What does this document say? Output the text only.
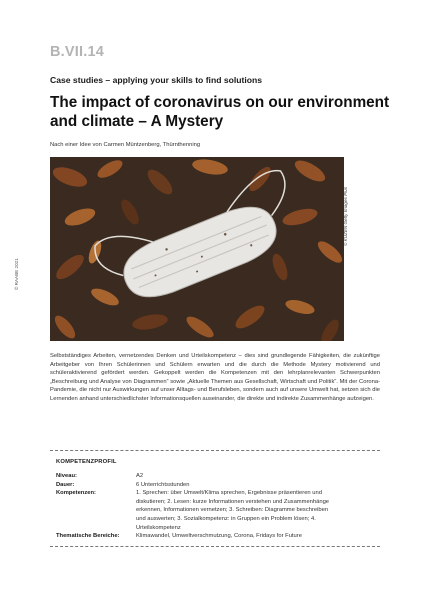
B.VII.14
Case studies – applying your skills to find solutions
The impact of coronavirus on our environment and climate – A Mystery
Nach einer Idee von Carmen Müntzenberg, Thürnthenning
© KUZEN Getty Images Plus
© RAABE 2021
Selbstständiges Arbeiten, vernetzendes Denken und Urteilskompetenz – dies sind grundlegende Fähigkeiten, die zukünftige Arbeitgeber von Ihren Schülerinnen und Schülern erwarten und die durch die Methode Mystery motivierend und schüleraktivierend gefördert werden. Gekoppelt werden die Kompetenzen mit den lehrplanrelevanten Schwerpunkten „Beschreibung und Analyse von Diagrammen“ sowie „Aktuelle Themen aus Gesellschaft, Wirtschaft und Politik“. Mit der Corona-Pandemie, die nicht nur Auswirkungen auf unser Alltags- und Berufsleben, sondern auch auf unsere Umwelt hat, setzen sich die Lernenden anhand unterschiedlichster Informationsquellen auseinander, die direkte und indirekte Zusammenhänge aufzeigen.
KOMPETENZPROFIL
Niveau:	A2
Dauer:	6 Unterrichtsstunden
Kompetenzen:	1. Sprechen: über Umwelt/Klima sprechen, Ergebnisse präsentieren und diskutieren; 2. Lesen: kurze Informationen verstehen und Zusammenhänge erkennen, Informationen vernetzen; 3. Schreiben: Diagramme beschreiben und auswerten; 3. Sozialkompetenz: in Gruppen ein Problem lösen; 4. Urteilskompetenz
Thematische Bereiche:	Klimawandel, Umweltverschmutzung, Corona, Fridays for Future
